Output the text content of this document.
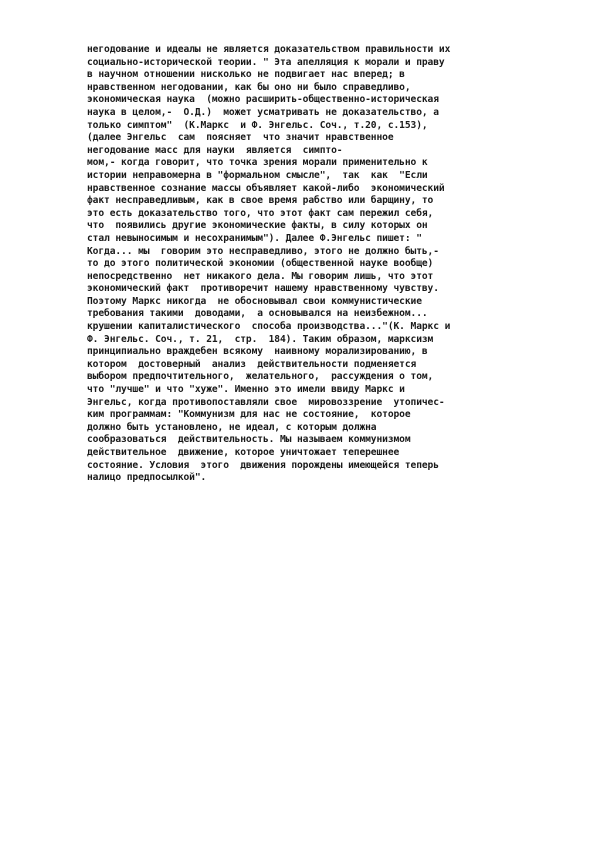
негодование и идеалы не является доказательством правильности их
социально-исторической теории. " Эта апелляция к морали и праву
в научном отношении нисколько не подвигает нас вперед; в
нравственном негодовании, как бы оно ни было справедливо,
экономическая наука  (можно расширить-общественно-историческая
наука в целом,-  О.Д.)  может усматривать не доказательство, а
только симптом"  (К.Маркс  и Ф. Энгельс. Соч., т.20, с.153),
(далее Энгельс  сам  поясняет  что значит нравственное
негодование масс для науки  является  симпто-
мом,- когда говорит, что точка зрения морали применительно к
истории неправомерна в "формальном смысле",  так  как  "Если
нравственное сознание массы объявляет какой-либо  экономический
факт несправедливым, как в свое время рабство или барщину, то
это есть доказательство того, что этот факт сам пережил себя,
что  появились другие экономические факты, в силу которых он
стал невыносимым и несохранимым"). Далее Ф.Энгельс пишет: "
Когда... мы  говорим это несправедливо, этого не должно быть,-
то до этого политической экономии (общественной науке вообще)
непосредственно  нет никакого дела. Мы говорим лишь, что этот
экономический факт  противоречит нашему нравственному чувству.
Поэтому Маркс никогда  не обосновывал свои коммунистические
требования такими  доводами,  а основывался на неизбежном...
крушении капиталистического  способа производства..."(К. Маркс и
Ф. Энгельс. Соч., т. 21,  стр.  184). Таким образом, марксизм
принципиально враждебен всякому  наивному морализированию, в
котором  достоверный  анализ  действительности подменяется
выбором предпочтительного,  желательного,  рассуждения о том,
что "лучше" и что "хуже". Именно это имели ввиду Маркс и
Энгельс, когда противопоставляли свое  мировоззрение  утопичес-
ким программам: "Коммунизм для нас не состояние,  которое
должно быть установлено, не идеал, с которым должна
сообразоваться  действительность. Мы называем коммунизмом
действительное  движение, которое уничтожает теперешнее
состояние. Условия  этого  движения порождены имеющейся теперь
налицо предпосылкой".
